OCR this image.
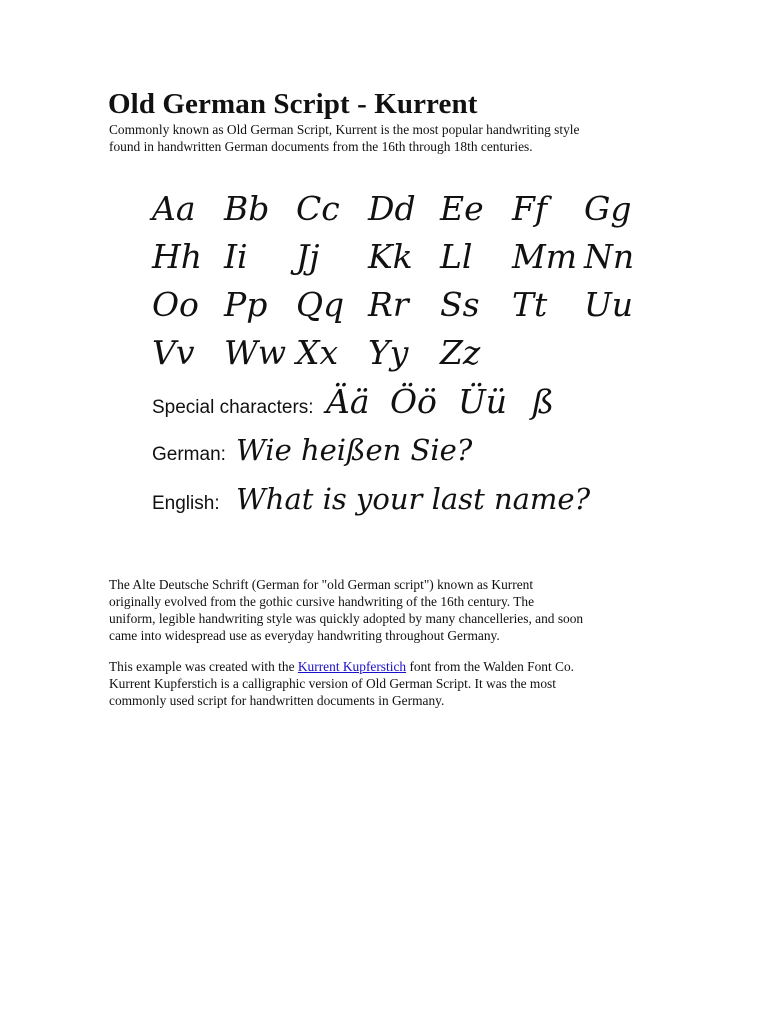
Old German Script - Kurrent

Commonly known as Old German Script, Kurrent is the most popular handwriting style
found in handwritten German documents from the 16th through 18th centuries.

Aa Bb Cc Dd Ee Ff Gg
Hh Ii Jj Kk Ll Mm Nn
Oo Pp Qq Rr Ss Tt Uu
Vv Ww Xx Yy Zz
Special characters: Ää Öö Üü ß
German: Wie heißen Sie?
English: What is your last name?

The Alte Deutsche Schrift (German for "old German script") known as Kurrent
originally evolved from the gothic cursive handwriting of the 16th century. The
uniform, legible handwriting style was quickly adopted by many chancelleries, and soon
came into widespread use as everyday handwriting throughout Germany.

This example was created with the Kurrent Kupferstich font from the Walden Font Co.
Kurrent Kupferstich is a calligraphic version of Old German Script. It was the most
commonly used script for handwritten documents in Germany.
